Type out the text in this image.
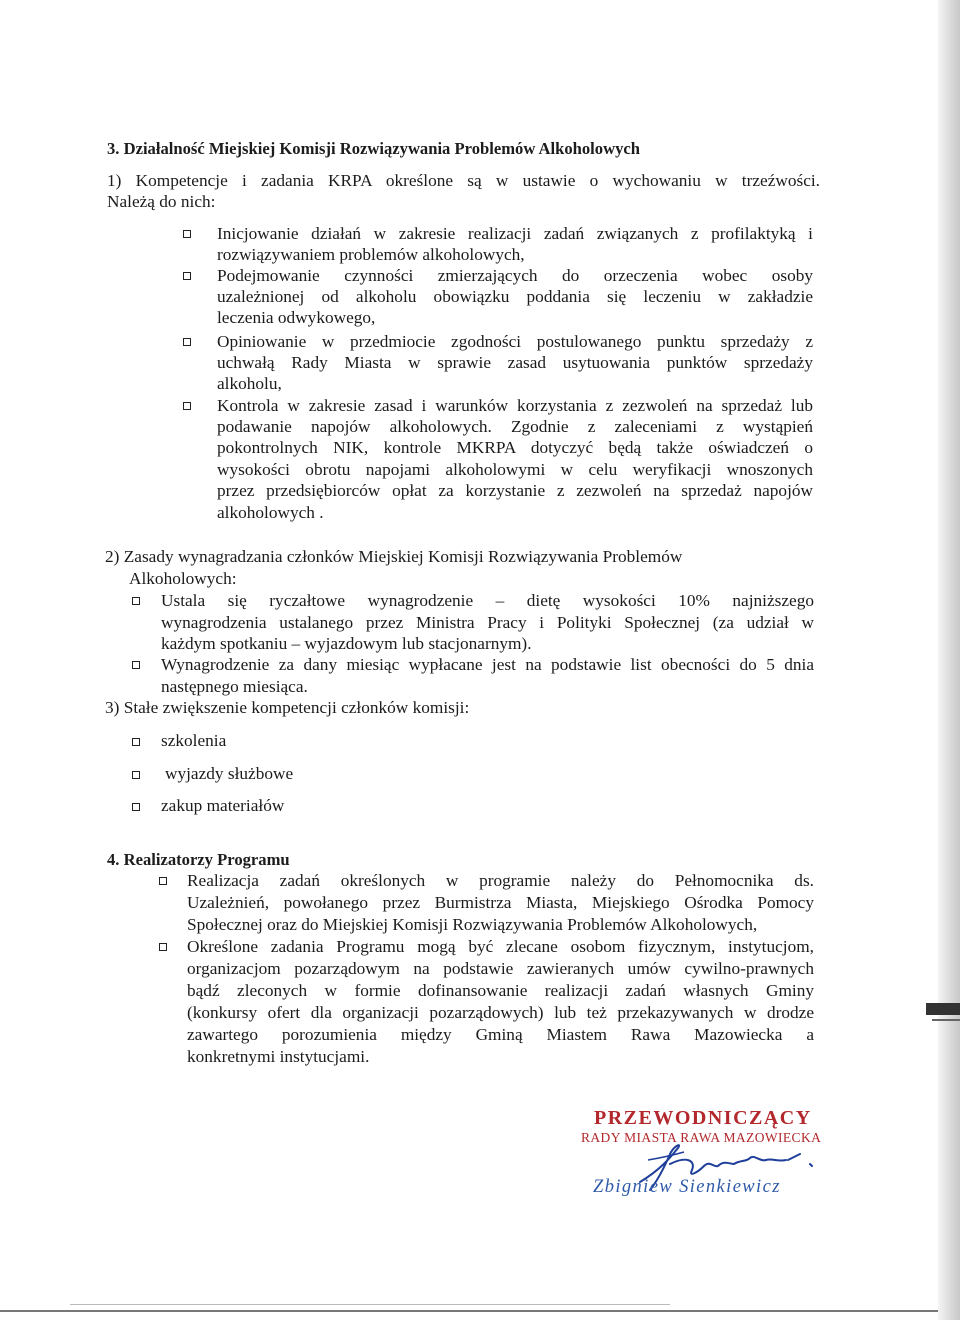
3. Działalność Miejskiej Komisji Rozwiązywania Problemów Alkoholowych
1) Kompetencje i zadania KRPA określone są w ustawie o wychowaniu w trzeźwości.
Należą do nich:
Inicjowanie działań w zakresie realizacji zadań związanych z profilaktyką i
rozwiązywaniem problemów alkoholowych,
Podejmowanie czynności zmierzających do orzeczenia wobec osoby
uzależnionej od alkoholu obowiązku poddania się leczeniu w zakładzie
leczenia odwykowego,
Opiniowanie w przedmiocie zgodności postulowanego punktu sprzedaży z
uchwałą Rady Miasta w sprawie zasad usytuowania punktów sprzedaży
alkoholu,
Kontrola w zakresie zasad i warunków korzystania z zezwoleń na sprzedaż lub
podawanie napojów alkoholowych. Zgodnie z zaleceniami z wystąpień
pokontrolnych NIK, kontrole MKRPA dotyczyć będą także oświadczeń o
wysokości obrotu napojami alkoholowymi w celu weryfikacji wnoszonych
przez przedsiębiorców opłat za korzystanie z zezwoleń na sprzedaż napojów
alkoholowych .
2) Zasady wynagradzania członków Miejskiej Komisji Rozwiązywania Problemów
Alkoholowych:
Ustala się ryczałtowe wynagrodzenie – dietę wysokości 10% najniższego
wynagrodzenia ustalanego przez Ministra Pracy i Polityki Społecznej (za udział w
każdym spotkaniu – wyjazdowym lub stacjonarnym).
Wynagrodzenie za dany miesiąc wypłacane jest na podstawie list obecności do 5 dnia
następnego miesiąca.
3) Stałe zwiększenie kompetencji członków komisji:
szkolenia
wyjazdy służbowe
zakup materiałów
4. Realizatorzy Programu
Realizacja zadań określonych w programie należy do Pełnomocnika ds.
Uzależnień, powołanego przez Burmistrza Miasta, Miejskiego Ośrodka Pomocy
Społecznej oraz do Miejskiej Komisji Rozwiązywania Problemów Alkoholowych,
Określone zadania Programu mogą być zlecane osobom fizycznym, instytucjom,
organizacjom pozarządowym na podstawie zawieranych umów cywilno-prawnych
bądź zleconych w formie dofinansowanie realizacji zadań własnych Gminy
(konkursy ofert dla organizacji pozarządowych) lub też przekazywanych w drodze
zawartego porozumienia między Gminą Miastem Rawa Mazowiecka a
konkretnymi instytucjami.
PRZEWODNICZĄCY
RADY MIASTA RAWA MAZOWIECKA
Zbigniew Sienkiewicz
